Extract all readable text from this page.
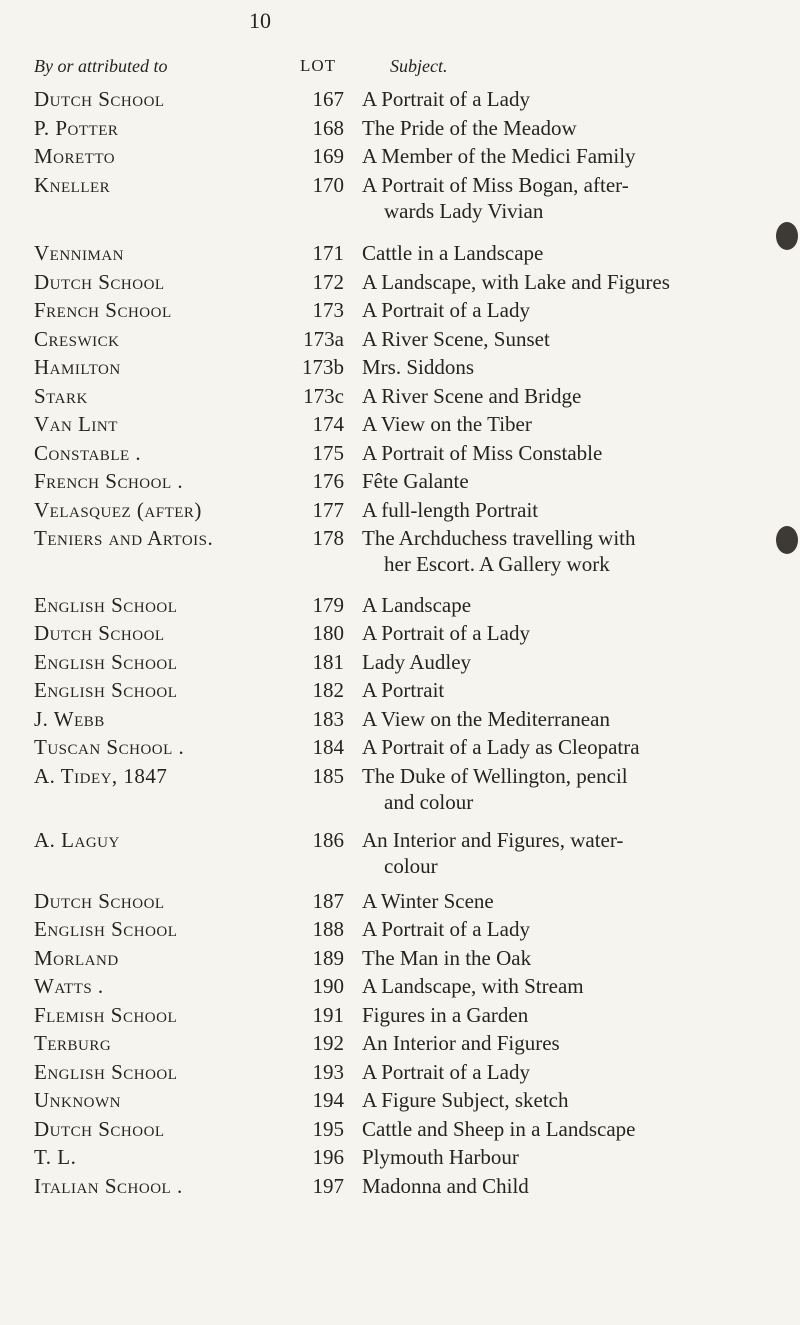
10
By or attributed to	LOT	Subject.
Dutch School	167 A Portrait of a Lady
P. Potter	168 The Pride of the Meadow
Moretto	169 A Member of the Medici Family
Kneller	170 A Portrait of Miss Bogan, after-
wards Lady Vivian
Venniman	171 Cattle in a Landscape
Dutch School	172 A Landscape, with Lake and Figures
French School	173 A Portrait of a Lady
Creswick	173a A River Scene, Sunset
Hamilton	173b Mrs. Siddons
Stark	173c A River Scene and Bridge
Van Lint	174 A View on the Tiber
Constable .	175 A Portrait of Miss Constable
French School .	176 Fête Galante
Velasquez (after)	177 A full-length Portrait
Teniers and Artois.	178 The Archduchess travelling with
her Escort. A Gallery work
English School	179 A Landscape
Dutch School	180 A Portrait of a Lady
English School	181 Lady Audley
English School	182 A Portrait
J. Webb	183 A View on the Mediterranean
Tuscan School .	184 A Portrait of a Lady as Cleopatra
A. Tidey, 1847	185 The Duke of Wellington, pencil
and colour
A. Laguy	186 An Interior and Figures, water-
colour
Dutch School	187 A Winter Scene
English School	188 A Portrait of a Lady
Morland	189 The Man in the Oak
Watts .	190 A Landscape, with Stream
Flemish School	191 Figures in a Garden
Terburg	192 An Interior and Figures
English School	193 A Portrait of a Lady
Unknown	194 A Figure Subject, sketch
Dutch School	195 Cattle and Sheep in a Landscape
T. L.	196 Plymouth Harbour
Italian School .	197 Madonna and Child
